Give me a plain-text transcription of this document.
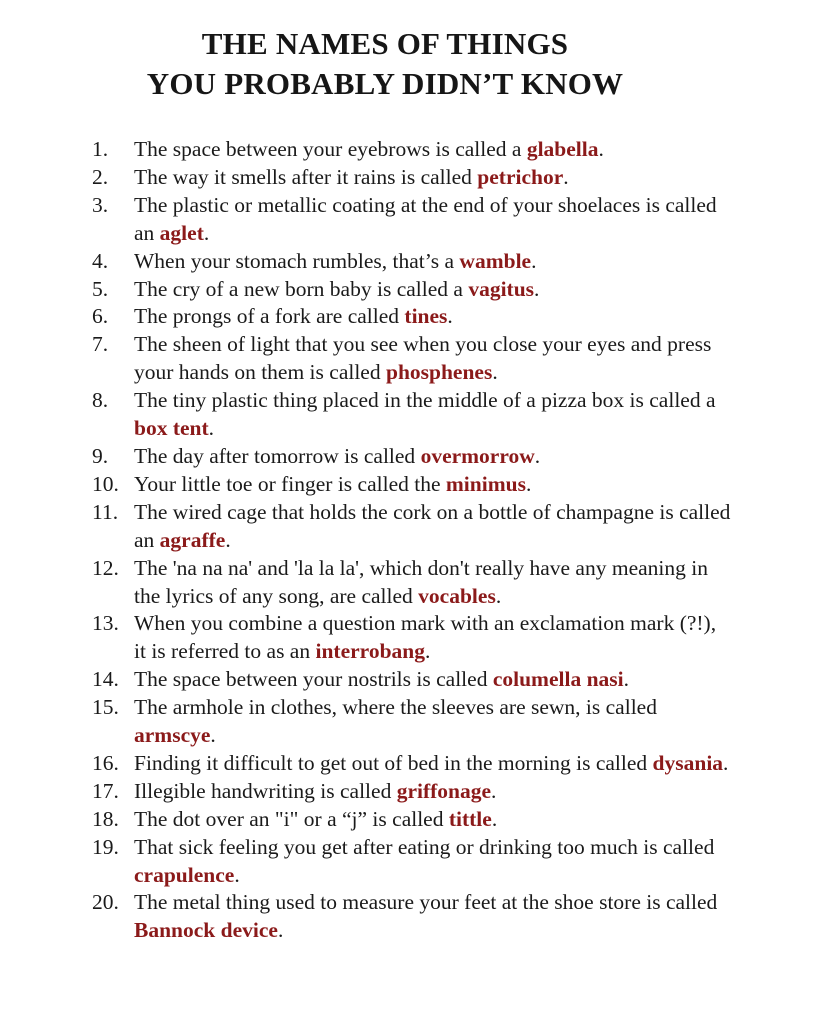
THE NAMES OF THINGS
YOU PROBABLY DIDN’T KNOW
1.	The space between your eyebrows is called a glabella.
2.	The way it smells after it rains is called petrichor.
3.	The plastic or metallic coating at the end of your shoelaces is called an aglet.
4.	When your stomach rumbles, that’s a wamble.
5.	The cry of a new born baby is called a vagitus.
6.	The prongs of a fork are called tines.
7.	The sheen of light that you see when you close your eyes and press your hands on them is called phosphenes.
8.	The tiny plastic thing placed in the middle of a pizza box is called a box tent.
9.	The day after tomorrow is called overmorrow.
10. Your little toe or finger is called the minimus.
11. The wired cage that holds the cork on a bottle of champagne is called an agraffe.
12. The 'na na na' and 'la la la', which don't really have any meaning in the lyrics of any song, are called vocables.
13. When you combine a question mark with an exclamation mark (?!), it is referred to as an interrobang.
14. The space between your nostrils is called columella nasi.
15. The armhole in clothes, where the sleeves are sewn, is called armscye.
16. Finding it difficult to get out of bed in the morning is called dysania.
17. Illegible handwriting is called griffonage.
18. The dot over an "i" or a “j” is called tittle.
19. That sick feeling you get after eating or drinking too much is called crapulence.
20. The metal thing used to measure your feet at the shoe store is called Bannock device.
